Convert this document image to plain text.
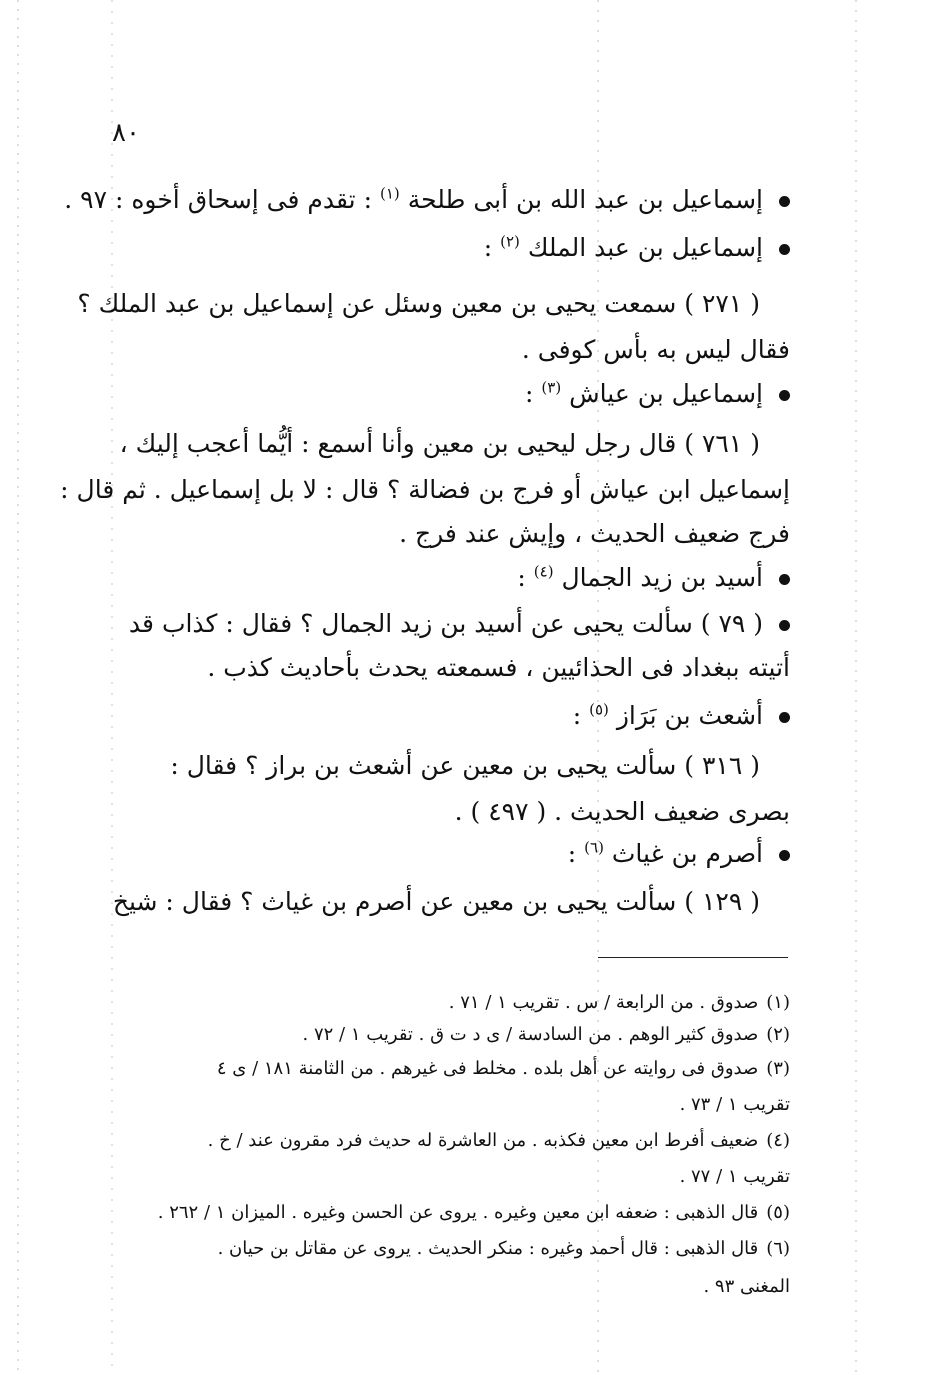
٨٠
إسماعيل بن عبد الله بن أبى طلحة $^{(١)}$ : تقدم فى إسحاق أخوه : ٩٧ .
إسماعيل بن عبد الملك $^{(٢)}$ :
( ٢٧١ ) سمعت يحيى بن معين وسئل عن إسماعيل بن عبد الملك ؟
فقال ليس به بأس كوفى .
إسماعيل بن عياش $^{(٣)}$ :
( ٧٦١ ) قال رجل ليحيى بن معين وأنا أسمع : أيُّما أعجب إليك ،
إسماعيل ابن عياش أو فرج بن فضالة ؟ قال : لا بل إسماعيل . ثم قال :
فرج ضعيف الحديث ، وإيش عند فرج .
أسيد بن زيد الجمال $^{(٤)}$ :
( ٧٩ ) سألت يحيى عن أسيد بن زيد الجمال ؟ فقال : كذاب قد
أتيته ببغداد فى الحذائيين ، فسمعته يحدث بأحاديث كذب .
أشعث بن بَرَاز $^{(٥)}$ :
( ٣١٦ ) سألت يحيى بن معين عن أشعث بن براز ؟ فقال :
بصرى ضعيف الحديث . ( ٤٩٧ ) .
أصرم بن غياث $^{(٦)}$ :
( ١٢٩ ) سألت يحيى بن معين عن أصرم بن غياث ؟ فقال : شيخ
(١)صدوق . من الرابعة / س . تقريب ١ / ٧١ .
(٢)صدوق كثير الوهم . من السادسة / ى د ت ق . تقريب ١ / ٧٢ .
(٣)صدوق فى روايته عن أهل بلده . مخلط فى غيرهم . من الثامنة ١٨١ / ى ٤
تقريب ١ / ٧٣ .
(٤)ضعيف أفرط ابن معين فكذبه . من العاشرة له حديث فرد مقرون عند / خ .
تقريب ١ / ٧٧ .
(٥)قال الذهبى : ضعفه ابن معين وغيره . يروى عن الحسن وغيره . الميزان ١ / ٢٦٢ .
(٦)قال الذهبى : قال أحمد وغيره : منكر الحديث . يروى عن مقاتل بن حيان .
المغنى ٩٣ .
